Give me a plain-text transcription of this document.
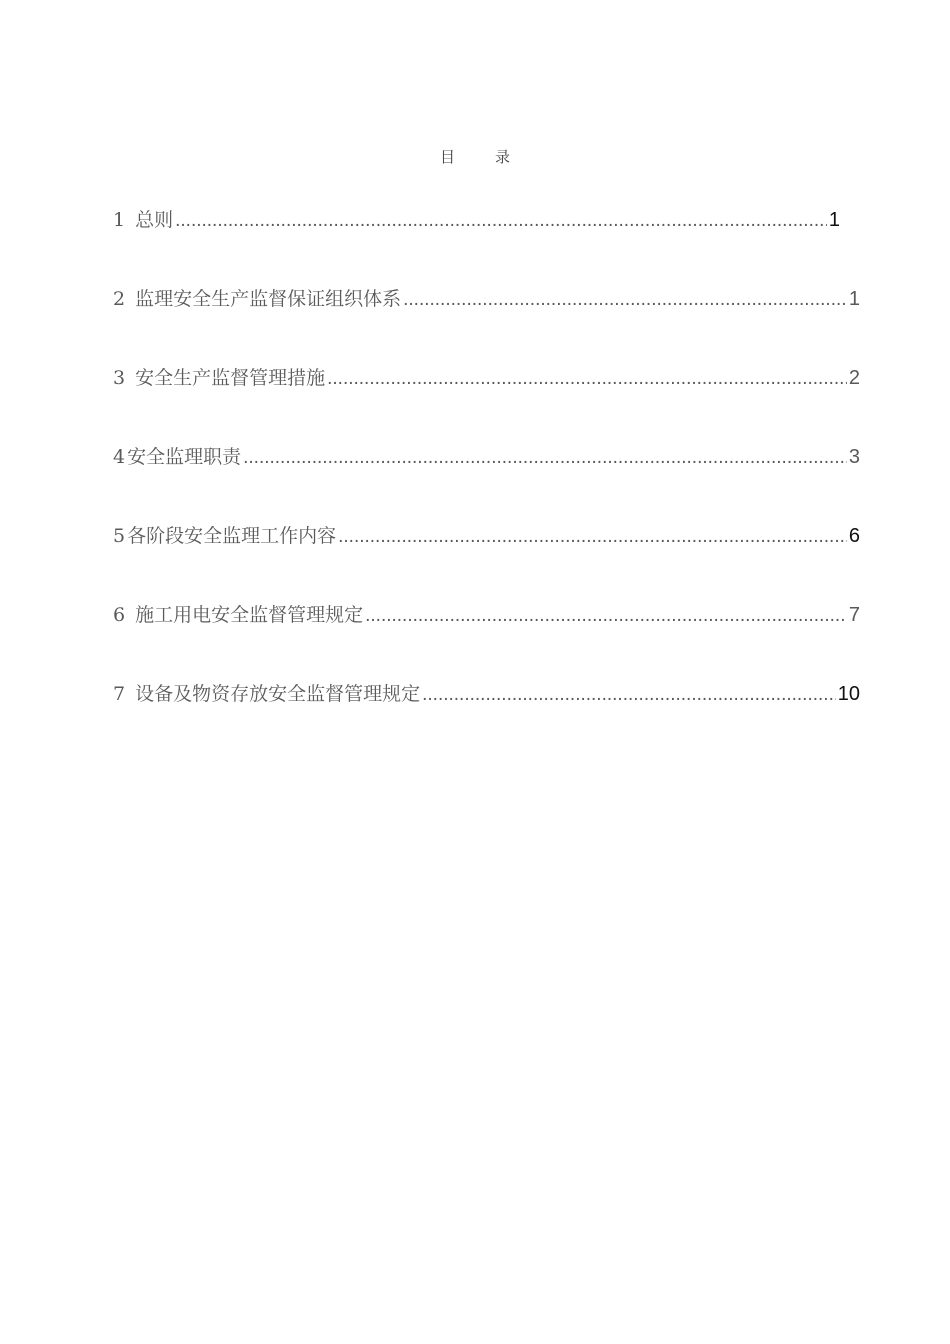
目录
1 总则 .....	1
2 监理安全生产监督保证组织体系 .....	1
3 安全生产监督管理措施 .....	2
4 安全监理职责 .....	3
5 各阶段安全监理工作内容 .....	6
6 施工用电安全监督管理规定 .....	7
7 设备及物资存放安全监督管理规定 .....	10
